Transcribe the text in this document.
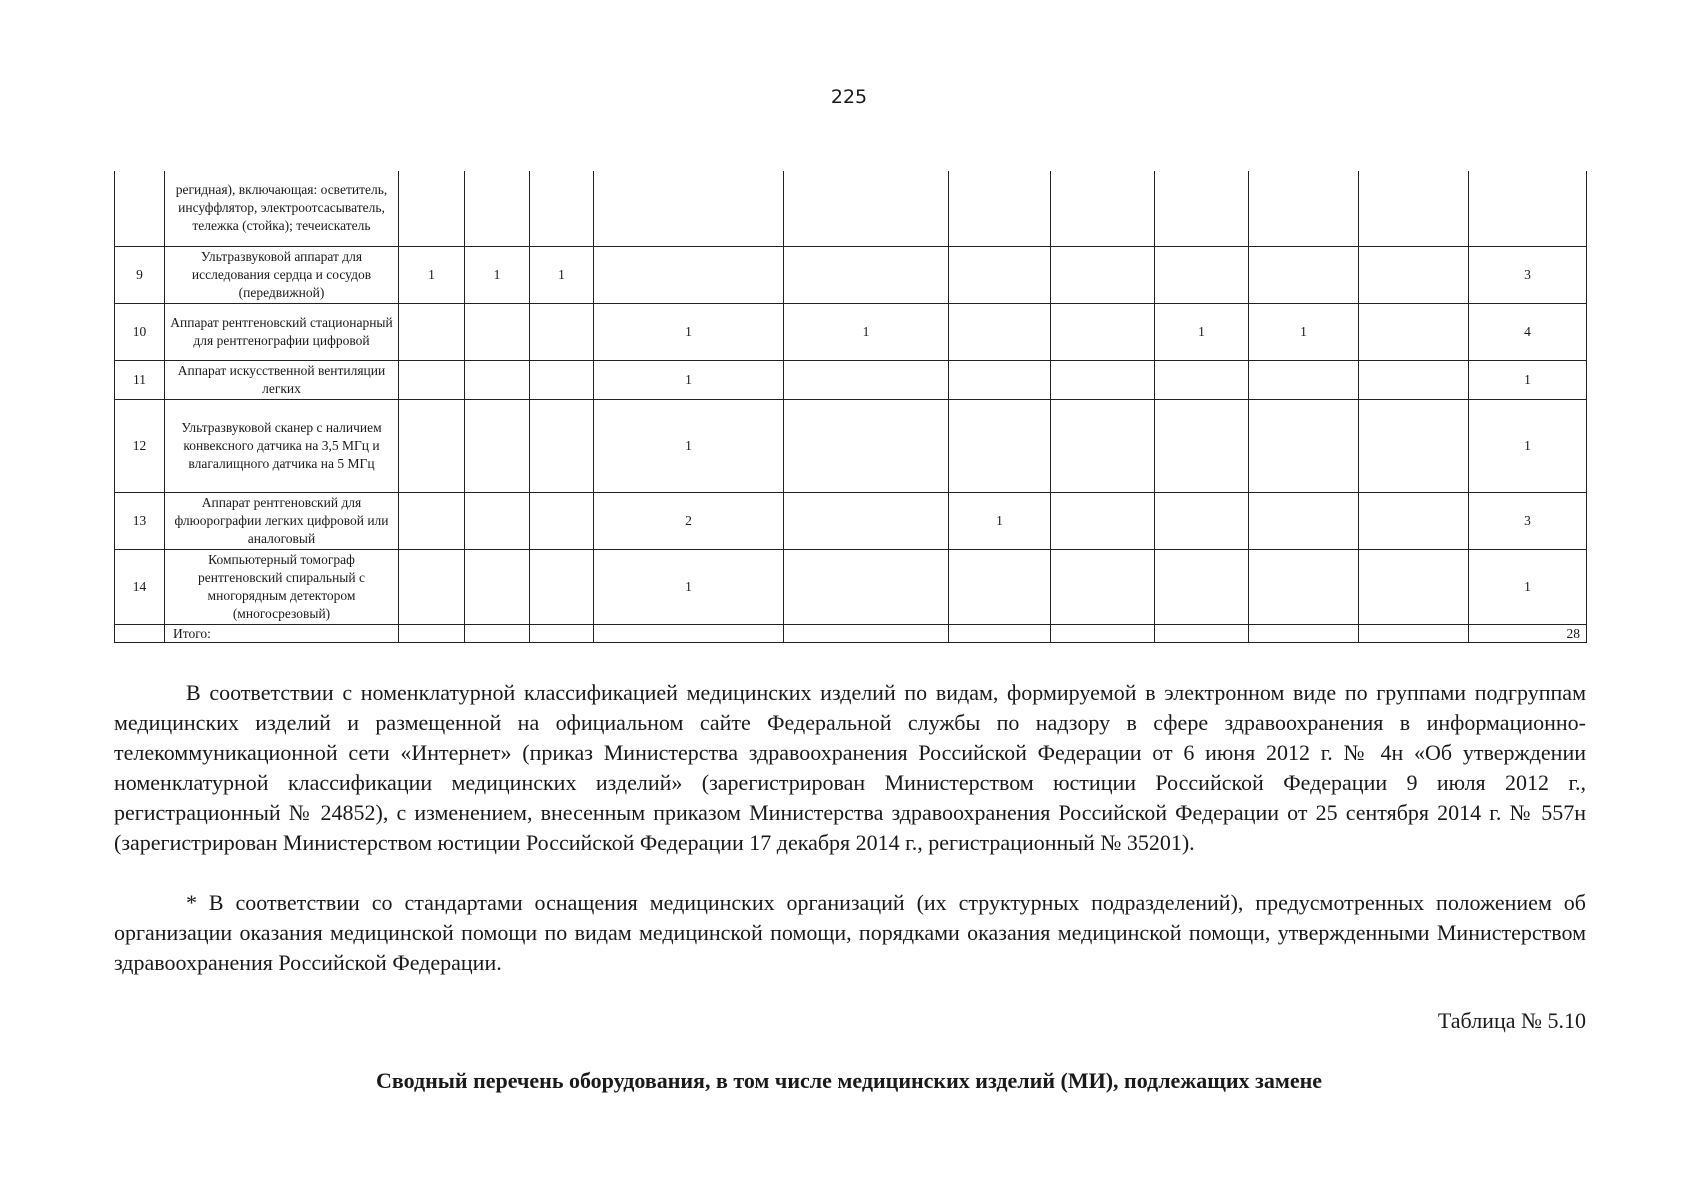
225
	регидная), включающая: осветитель, инсуффлятор, электроотсасыватель, тележка (стойка); течеискатель											
9	Ультразвуковой аппарат для исследования сердца и сосудов (передвижной)	1	1	1								3
10	Аппарат рентгеновский стационарный для рентгенографии цифровой				1	1			1	1		4
11	Аппарат искусственной вентиляции легких				1							1
12	Ультразвуковой сканер с наличием конвексного датчика на 3,5 МГц и влагалищного датчика на 5 МГц				1							1
13	Аппарат рентгеновский для флюорографии легких цифровой или аналоговый				2		1					3
14	Компьютерный томограф рентгеновский спиральный с многорядным детектором (многосрезовый)				1							1
	Итого:											28

В соответствии с номенклатурной классификацией медицинских изделий по видам, формируемой в электронном виде по группами подгруппам медицинских изделий и размещенной на официальном сайте Федеральной службы по надзору в сфере здравоохранения в информационно-телекоммуникационной сети «Интернет» (приказ Министерства здравоохранения Российской Федерации от 6 июня 2012 г. № 4н «Об утверждении номенклатурной классификации медицинских изделий» (зарегистрирован Министерством юстиции Российской Федерации 9 июля 2012 г., регистрационный № 24852), с изменением, внесенным приказом Министерства здравоохранения Российской Федерации от 25 сентября 2014 г. № 557н (зарегистрирован Министерством юстиции Российской Федерации 17 декабря 2014 г., регистрационный № 35201).

* В соответствии со стандартами оснащения медицинских организаций (их структурных подразделений), предусмотренных положением об организации оказания медицинской помощи по видам медицинской помощи, порядками оказания медицинской помощи, утвержденными Министерством здравоохранения Российской Федерации.

Таблица № 5.10
Сводный перечень оборудования, в том числе медицинских изделий (МИ), подлежащих замене
